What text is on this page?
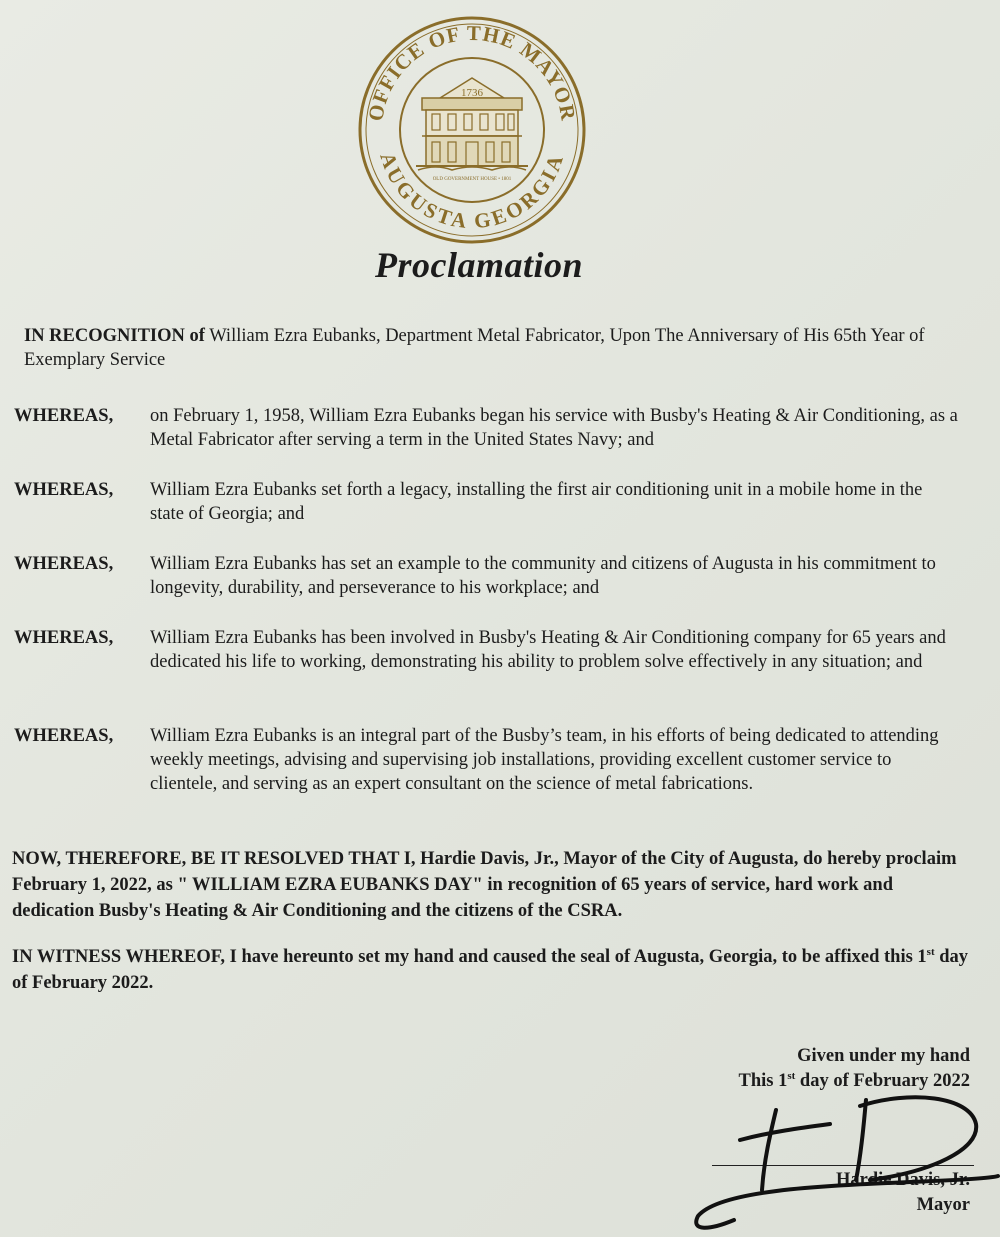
OFFICE OF THE MAYOR
AUGUSTA GEORGIA
1736
OLD GOVERNMENT HOUSE • 1801
Proclamation
IN RECOGNITION of William Ezra Eubanks, Department Metal Fabricator, Upon The Anniversary of His 65th Year of Exemplary Service
WHEREAS, on February 1, 1958, William Ezra Eubanks began his service with Busby's Heating & Air Conditioning, as a Metal Fabricator after serving a term in the United States Navy; and
WHEREAS, William Ezra Eubanks set forth a legacy, installing the first air conditioning unit in a mobile home in the state of Georgia; and
WHEREAS, William Ezra Eubanks has set an example to the community and citizens of Augusta in his commitment to longevity, durability, and perseverance to his workplace; and
WHEREAS, William Ezra Eubanks has been involved in Busby's Heating & Air Conditioning company for 65 years and dedicated his life to working, demonstrating his ability to problem solve effectively in any situation; and
WHEREAS, William Ezra Eubanks is an integral part of the Busby’s team, in his efforts of being dedicated to attending weekly meetings, advising and supervising job installations, providing excellent customer service to clientele, and serving as an expert consultant on the science of metal fabrications.
NOW, THEREFORE, BE IT RESOLVED THAT I, Hardie Davis, Jr., Mayor of the City of Augusta, do hereby proclaim February 1, 2022, as " WILLIAM EZRA EUBANKS DAY" in recognition of 65 years of service, hard work and dedication Busby's Heating & Air Conditioning and the citizens of the CSRA.
IN WITNESS WHEREOF, I have hereunto set my hand and caused the seal of Augusta, Georgia, to be affixed this 1st day of February 2022.
Given under my hand
This 1st day of February 2022
Hardie Davis, Jr.
Mayor
